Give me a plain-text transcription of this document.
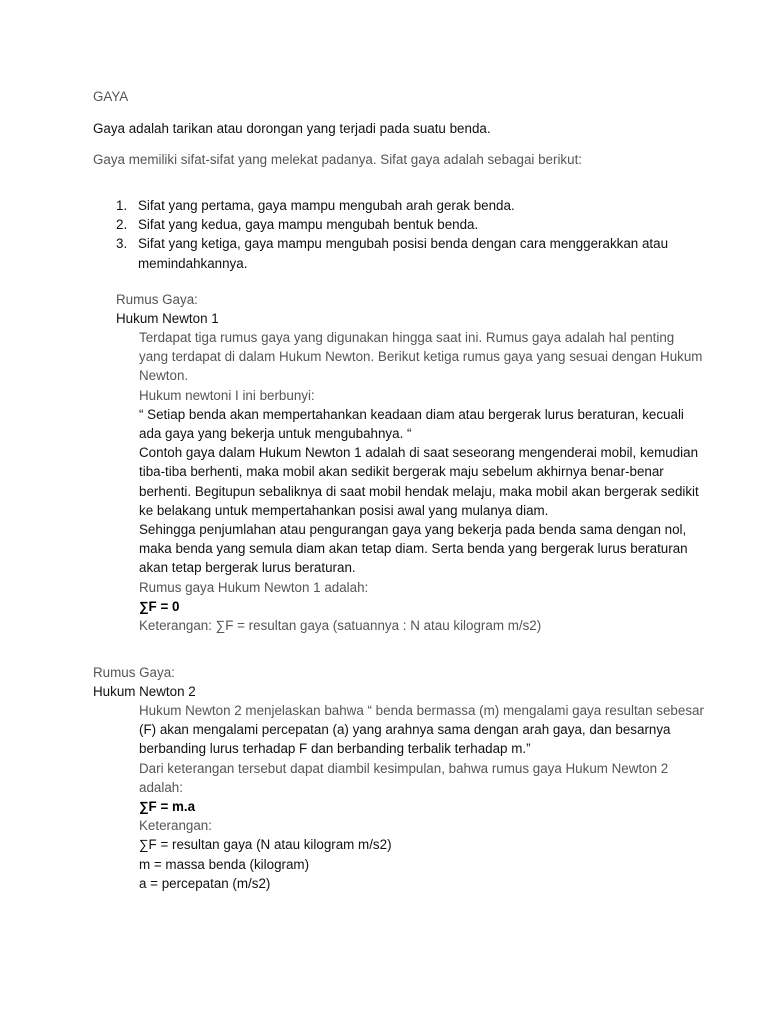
GAYA
Gaya adalah tarikan atau dorongan yang terjadi pada suatu benda.
Gaya memiliki sifat-sifat yang melekat padanya. Sifat gaya adalah sebagai berikut:
1. Sifat yang pertama, gaya mampu mengubah arah gerak benda.
2. Sifat yang kedua, gaya mampu mengubah bentuk benda.
3. Sifat yang ketiga, gaya mampu mengubah posisi benda dengan cara menggerakkan atau
memindahkannya.
Rumus Gaya:
Hukum Newton 1
Terdapat tiga rumus gaya yang digunakan hingga saat ini. Rumus gaya adalah hal penting
yang terdapat di dalam Hukum Newton. Berikut ketiga rumus gaya yang sesuai dengan Hukum
Newton.
Hukum newtoni I ini berbunyi:
“ Setiap benda akan mempertahankan keadaan diam atau bergerak lurus beraturan, kecuali
ada gaya yang bekerja untuk mengubahnya. “
Contoh gaya dalam Hukum Newton 1 adalah di saat seseorang mengenderai mobil, kemudian
tiba-tiba berhenti, maka mobil akan sedikit bergerak maju sebelum akhirnya benar-benar
berhenti. Begitupun sebaliknya di saat mobil hendak melaju, maka mobil akan bergerak sedikit
ke belakang untuk mempertahankan posisi awal yang mulanya diam.
Sehingga penjumlahan atau pengurangan gaya yang bekerja pada benda sama dengan nol,
maka benda yang semula diam akan tetap diam. Serta benda yang bergerak lurus beraturan
akan tetap bergerak lurus beraturan.
Rumus gaya Hukum Newton 1 adalah:
∑F = 0
Keterangan: ∑F = resultan gaya (satuannya : N atau kilogram m/s2)
Rumus Gaya:
Hukum Newton 2
Hukum Newton 2 menjelaskan bahwa “ benda bermassa (m) mengalami gaya resultan sebesar
(F) akan mengalami percepatan (a) yang arahnya sama dengan arah gaya, dan besarnya
berbanding lurus terhadap F dan berbanding terbalik terhadap m.”
Dari keterangan tersebut dapat diambil kesimpulan, bahwa rumus gaya Hukum Newton 2
adalah:
∑F = m.a
Keterangan:
∑F = resultan gaya (N atau kilogram m/s2)
m = massa benda (kilogram)
a = percepatan (m/s2)
